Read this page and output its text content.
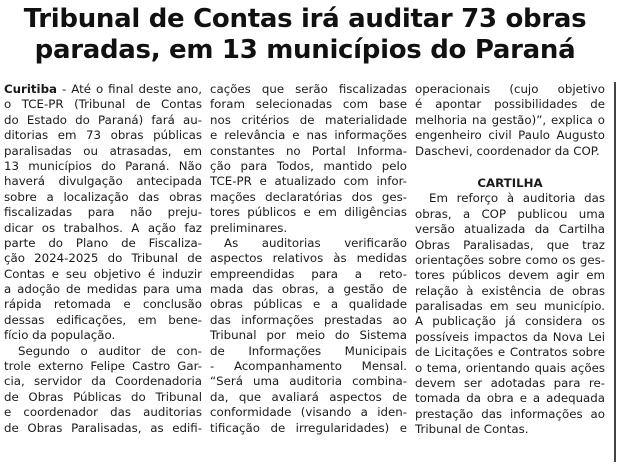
Tribunal de Contas irá auditar 73 obras
paradas, em 13 municípios do Paraná
Curitiba - Até o final deste ano,
o TCE-PR (Tribunal de Contas
do Estado do Paraná) fará au-
ditorias em 73 obras públicas
paralisadas ou atrasadas, em
13 municípios do Paraná. Não
haverá divulgação antecipada
sobre a localização das obras
fiscalizadas para não preju-
dicar os trabalhos. A ação faz
parte do Plano de Fiscaliza-
ção 2024-2025 do Tribunal de
Contas e seu objetivo é induzir
a adoção de medidas para uma
rápida retomada e conclusão
dessas edificações, em bene-
fício da população.
Segundo o auditor de con-
trole externo Felipe Castro Gar-
cia, servidor da Coordenadoria
de Obras Públicas do Tribunal
e coordenador das auditorias
de Obras Paralisadas, as edifi-
cações que serão fiscalizadas
foram selecionadas com base
nos critérios de materialidade
e relevância e nas informações
constantes no Portal Informa-
ção para Todos, mantido pelo
TCE-PR e atualizado com infor-
mações declaratórias dos ges-
tores públicos e em diligências
preliminares.
As auditorias verificarão
aspectos relativos às medidas
empreendidas para a reto-
mada das obras, a gestão de
obras públicas e a qualidade
das informações prestadas ao
Tribunal por meio do Sistema
de Informações Municipais
- Acompanhamento Mensal.
“Será uma auditoria combina-
da, que avaliará aspectos de
conformidade (visando a iden-
tificação de irregularidades) e
operacionais (cujo objetivo
é apontar possibilidades de
melhoria na gestão)”, explica o
engenheiro civil Paulo Augusto
Daschevi, coordenador da COP.
CARTILHA
Em reforço à auditoria das
obras, a COP publicou uma
versão atualizada da Cartilha
Obras Paralisadas, que traz
orientações sobre como os ges-
tores públicos devem agir em
relação à existência de obras
paralisadas em seu município.
A publicação já considera os
possíveis impactos da Nova Lei
de Licitações e Contratos sobre
o tema, orientando quais ações
devem ser adotadas para re-
tomada da obra e a adequada
prestação das informações ao
Tribunal de Contas.
